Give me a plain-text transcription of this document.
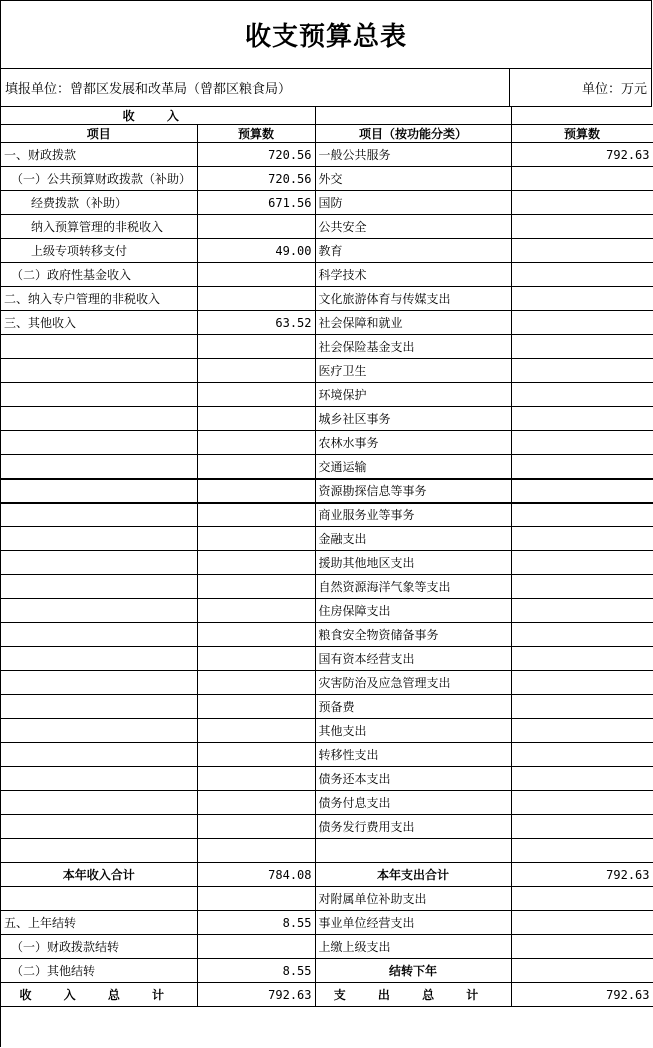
收支预算总表
填报单位：曾都区发展和改革局（曾都区粮食局）	单位：万元
收 入			
项目	预算数	项目（按功能分类）	预算数
一、财政拨款	720.56	一般公共服务	792.63
（一）公共预算财政拨款（补助）	720.56	外交	
经费拨款（补助）	671.56	国防	
纳入预算管理的非税收入		公共安全	
上级专项转移支付	49.00	教育	
（二）政府性基金收入		科学技术	
二、纳入专户管理的非税收入		文化旅游体育与传媒支出	
三、其他收入	63.52	社会保障和就业	
		社会保险基金支出	
		医疗卫生	
		环境保护	
		城乡社区事务	
		农林水事务	
		交通运输	
		资源勘探信息等事务	
		商业服务业等事务	
		金融支出	
		援助其他地区支出	
		自然资源海洋气象等支出	
		住房保障支出	
		粮食安全物资储备事务	
		国有资本经营支出	
		灾害防治及应急管理支出	
		预备费	
		其他支出	
		转移性支出	
		债务还本支出	
		债务付息支出	
		债务发行费用支出	

本年收入合计	784.08	本年支出合计	792.63
		对附属单位补助支出	
五、上年结转	8.55	事业单位经营支出	
（一）财政拨款结转		上缴上级支出	
（二）其他结转	8.55	结转下年	
收 入 总 计	792.63	支 出 总 计	792.63
